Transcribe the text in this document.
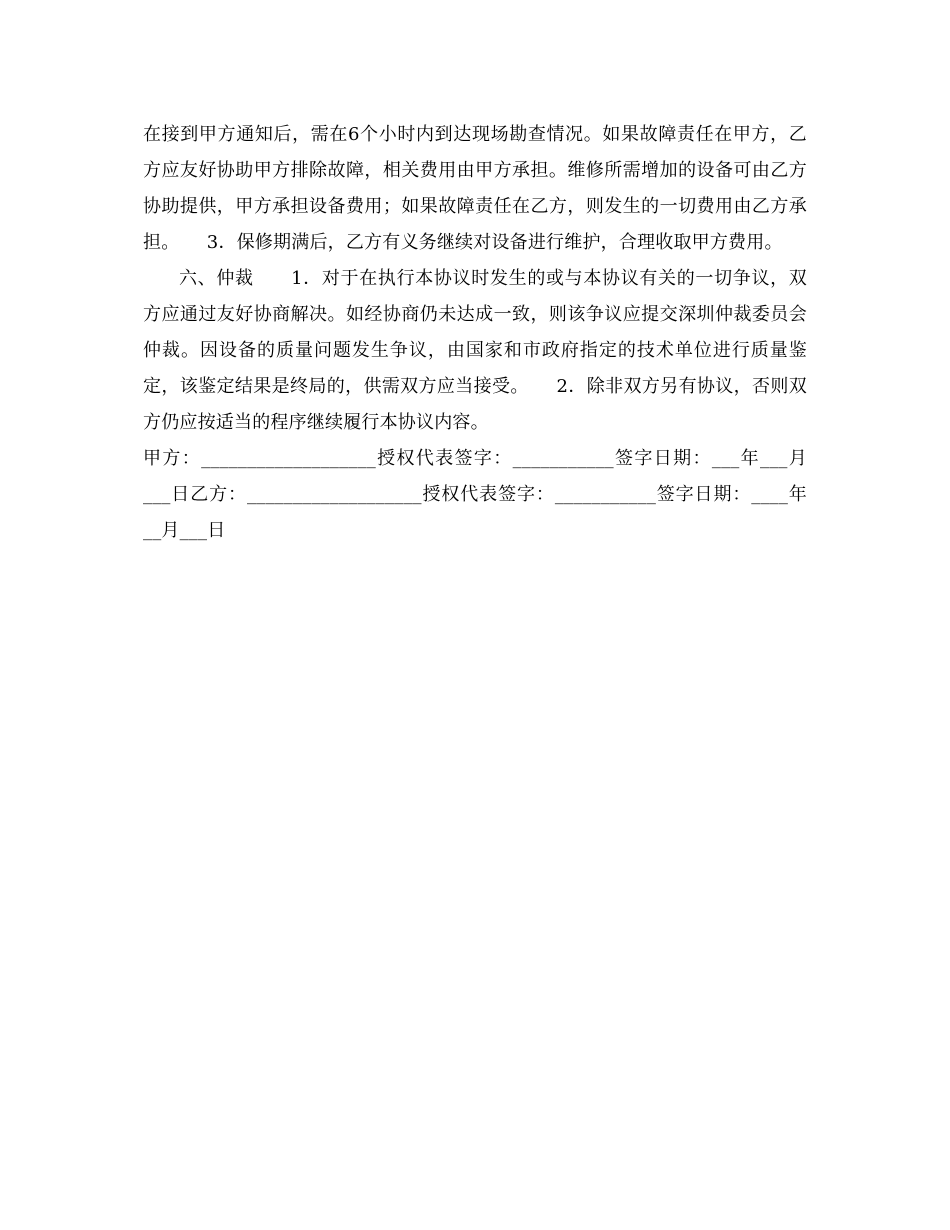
在接到甲方通知后，需在6个小时内到达现场勘查情况。如果故障责任在甲方，乙方应友好协助甲方排除故障，相关费用由甲方承担。维修所需增加的设备可由乙方协助提供，甲方承担设备费用；如果故障责任在乙方，则发生的一切费用由乙方承担。　　3．保修期满后，乙方有义务继续对设备进行维护，合理收取甲方费用。

六、仲裁　　1．对于在执行本协议时发生的或与本协议有关的一切争议，双方应通过友好协商解决。如经协商仍未达成一致，则该争议应提交深圳仲裁委员会仲裁。因设备的质量问题发生争议，由国家和市政府指定的技术单位进行质量鉴定，该鉴定结果是终局的，供需双方应当接受。　　2．除非双方另有协议，否则双方仍应按适当的程序继续履行本协议内容。

甲方：___________________授权代表签字：___________签字日期：___年___月___日乙方：___________________授权代表签字：___________签字日期：____年__月___日
